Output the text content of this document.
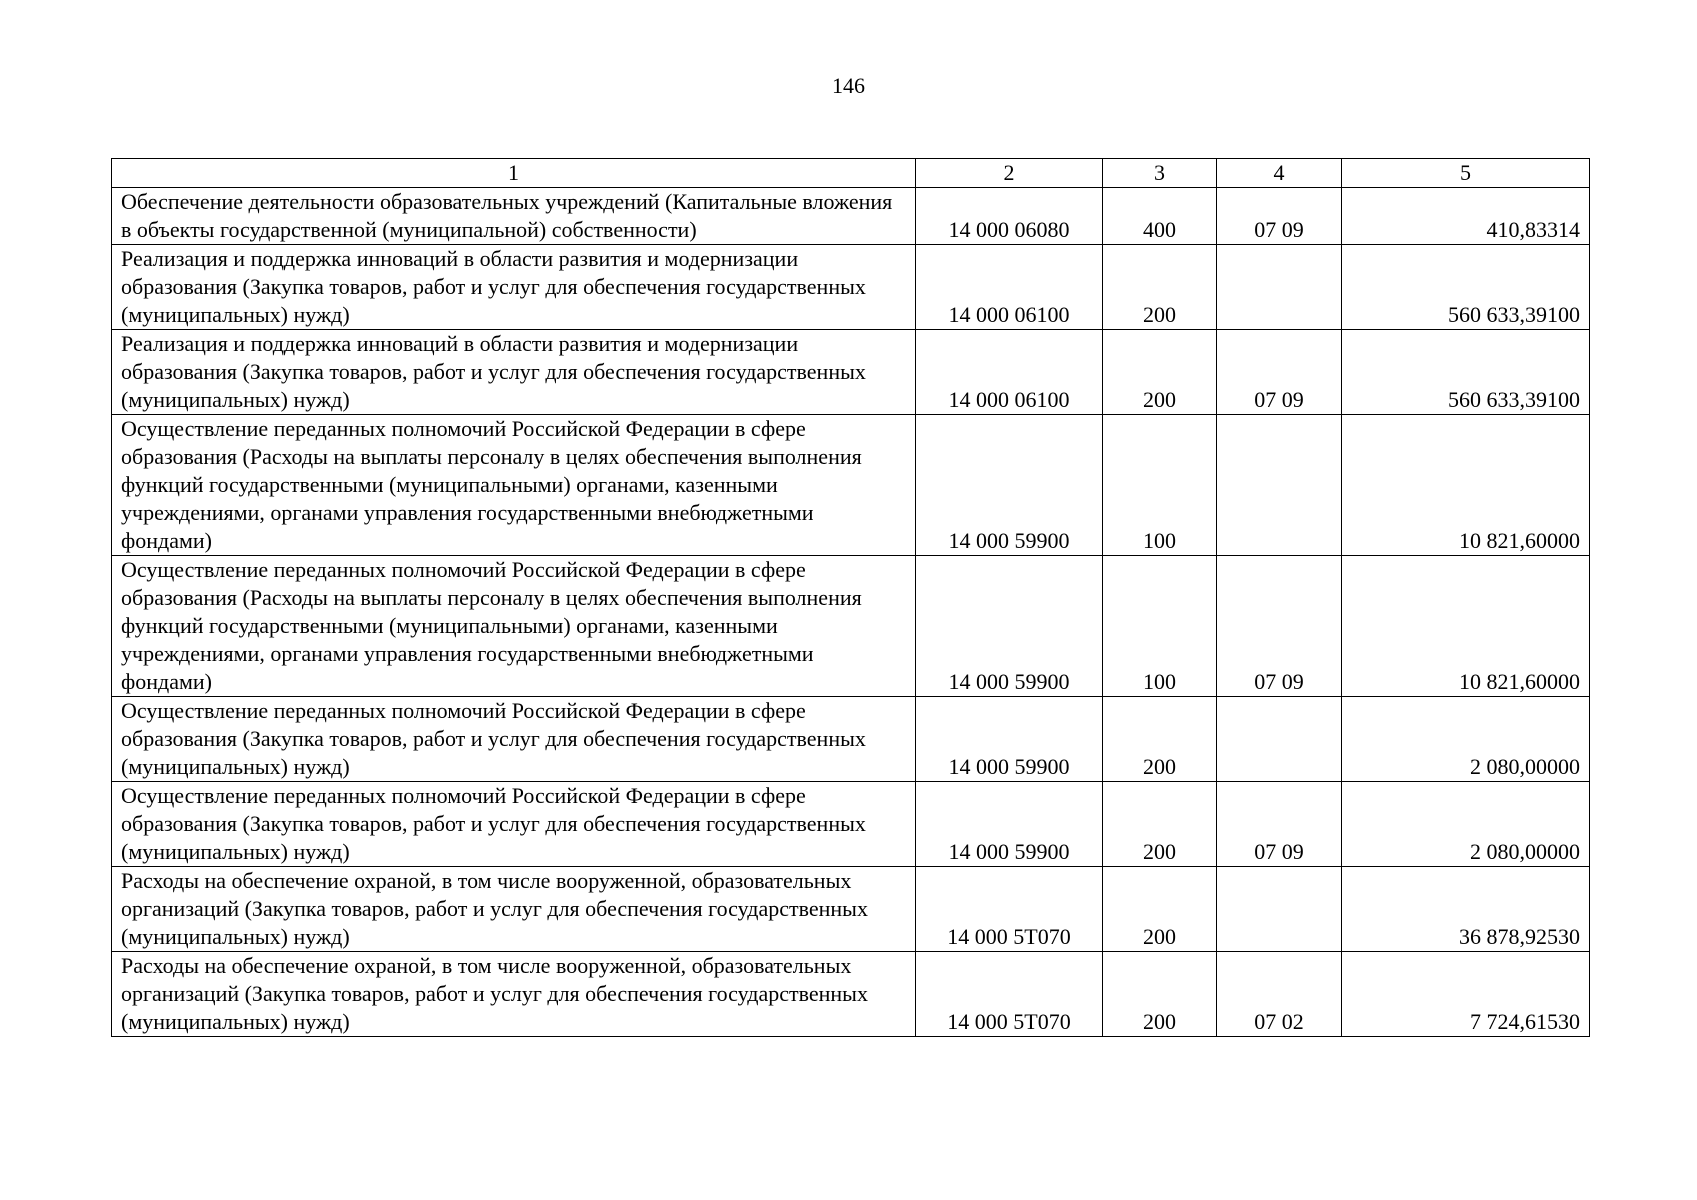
146
1	2	3	4	5
Обеспечение деятельности образовательных учреждений (Капитальные вложения в объекты государственной (муниципальной) собственности)	14 000 06080	400	07 09	410,83314
Реализация и поддержка инноваций в области развития и модернизации образования (Закупка товаров, работ и услуг для обеспечения государственных (муниципальных) нужд)	14 000 06100	200		560 633,39100
Реализация и поддержка инноваций в области развития и модернизации образования (Закупка товаров, работ и услуг для обеспечения государственных (муниципальных) нужд)	14 000 06100	200	07 09	560 633,39100
Осуществление переданных полномочий Российской Федерации в сфере образования (Расходы на выплаты персоналу в целях обеспечения выполнения функций государственными (муниципальными) органами, казенными учреждениями, органами управления государственными внебюджетными фондами)	14 000 59900	100		10 821,60000
Осуществление переданных полномочий Российской Федерации в сфере образования (Расходы на выплаты персоналу в целях обеспечения выполнения функций государственными (муниципальными) органами, казенными учреждениями, органами управления государственными внебюджетными фондами)	14 000 59900	100	07 09	10 821,60000
Осуществление переданных полномочий Российской Федерации в сфере образования (Закупка товаров, работ и услуг для обеспечения государственных (муниципальных) нужд)	14 000 59900	200		2 080,00000
Осуществление переданных полномочий Российской Федерации в сфере образования (Закупка товаров, работ и услуг для обеспечения государственных (муниципальных) нужд)	14 000 59900	200	07 09	2 080,00000
Расходы на обеспечение охраной, в том числе вооруженной, образовательных организаций (Закупка товаров, работ и услуг для обеспечения государственных (муниципальных) нужд)	14 000 5Т070	200		36 878,92530
Расходы на обеспечение охраной, в том числе вооруженной, образовательных организаций (Закупка товаров, работ и услуг для обеспечения государственных (муниципальных) нужд)	14 000 5Т070	200	07 02	7 724,61530
